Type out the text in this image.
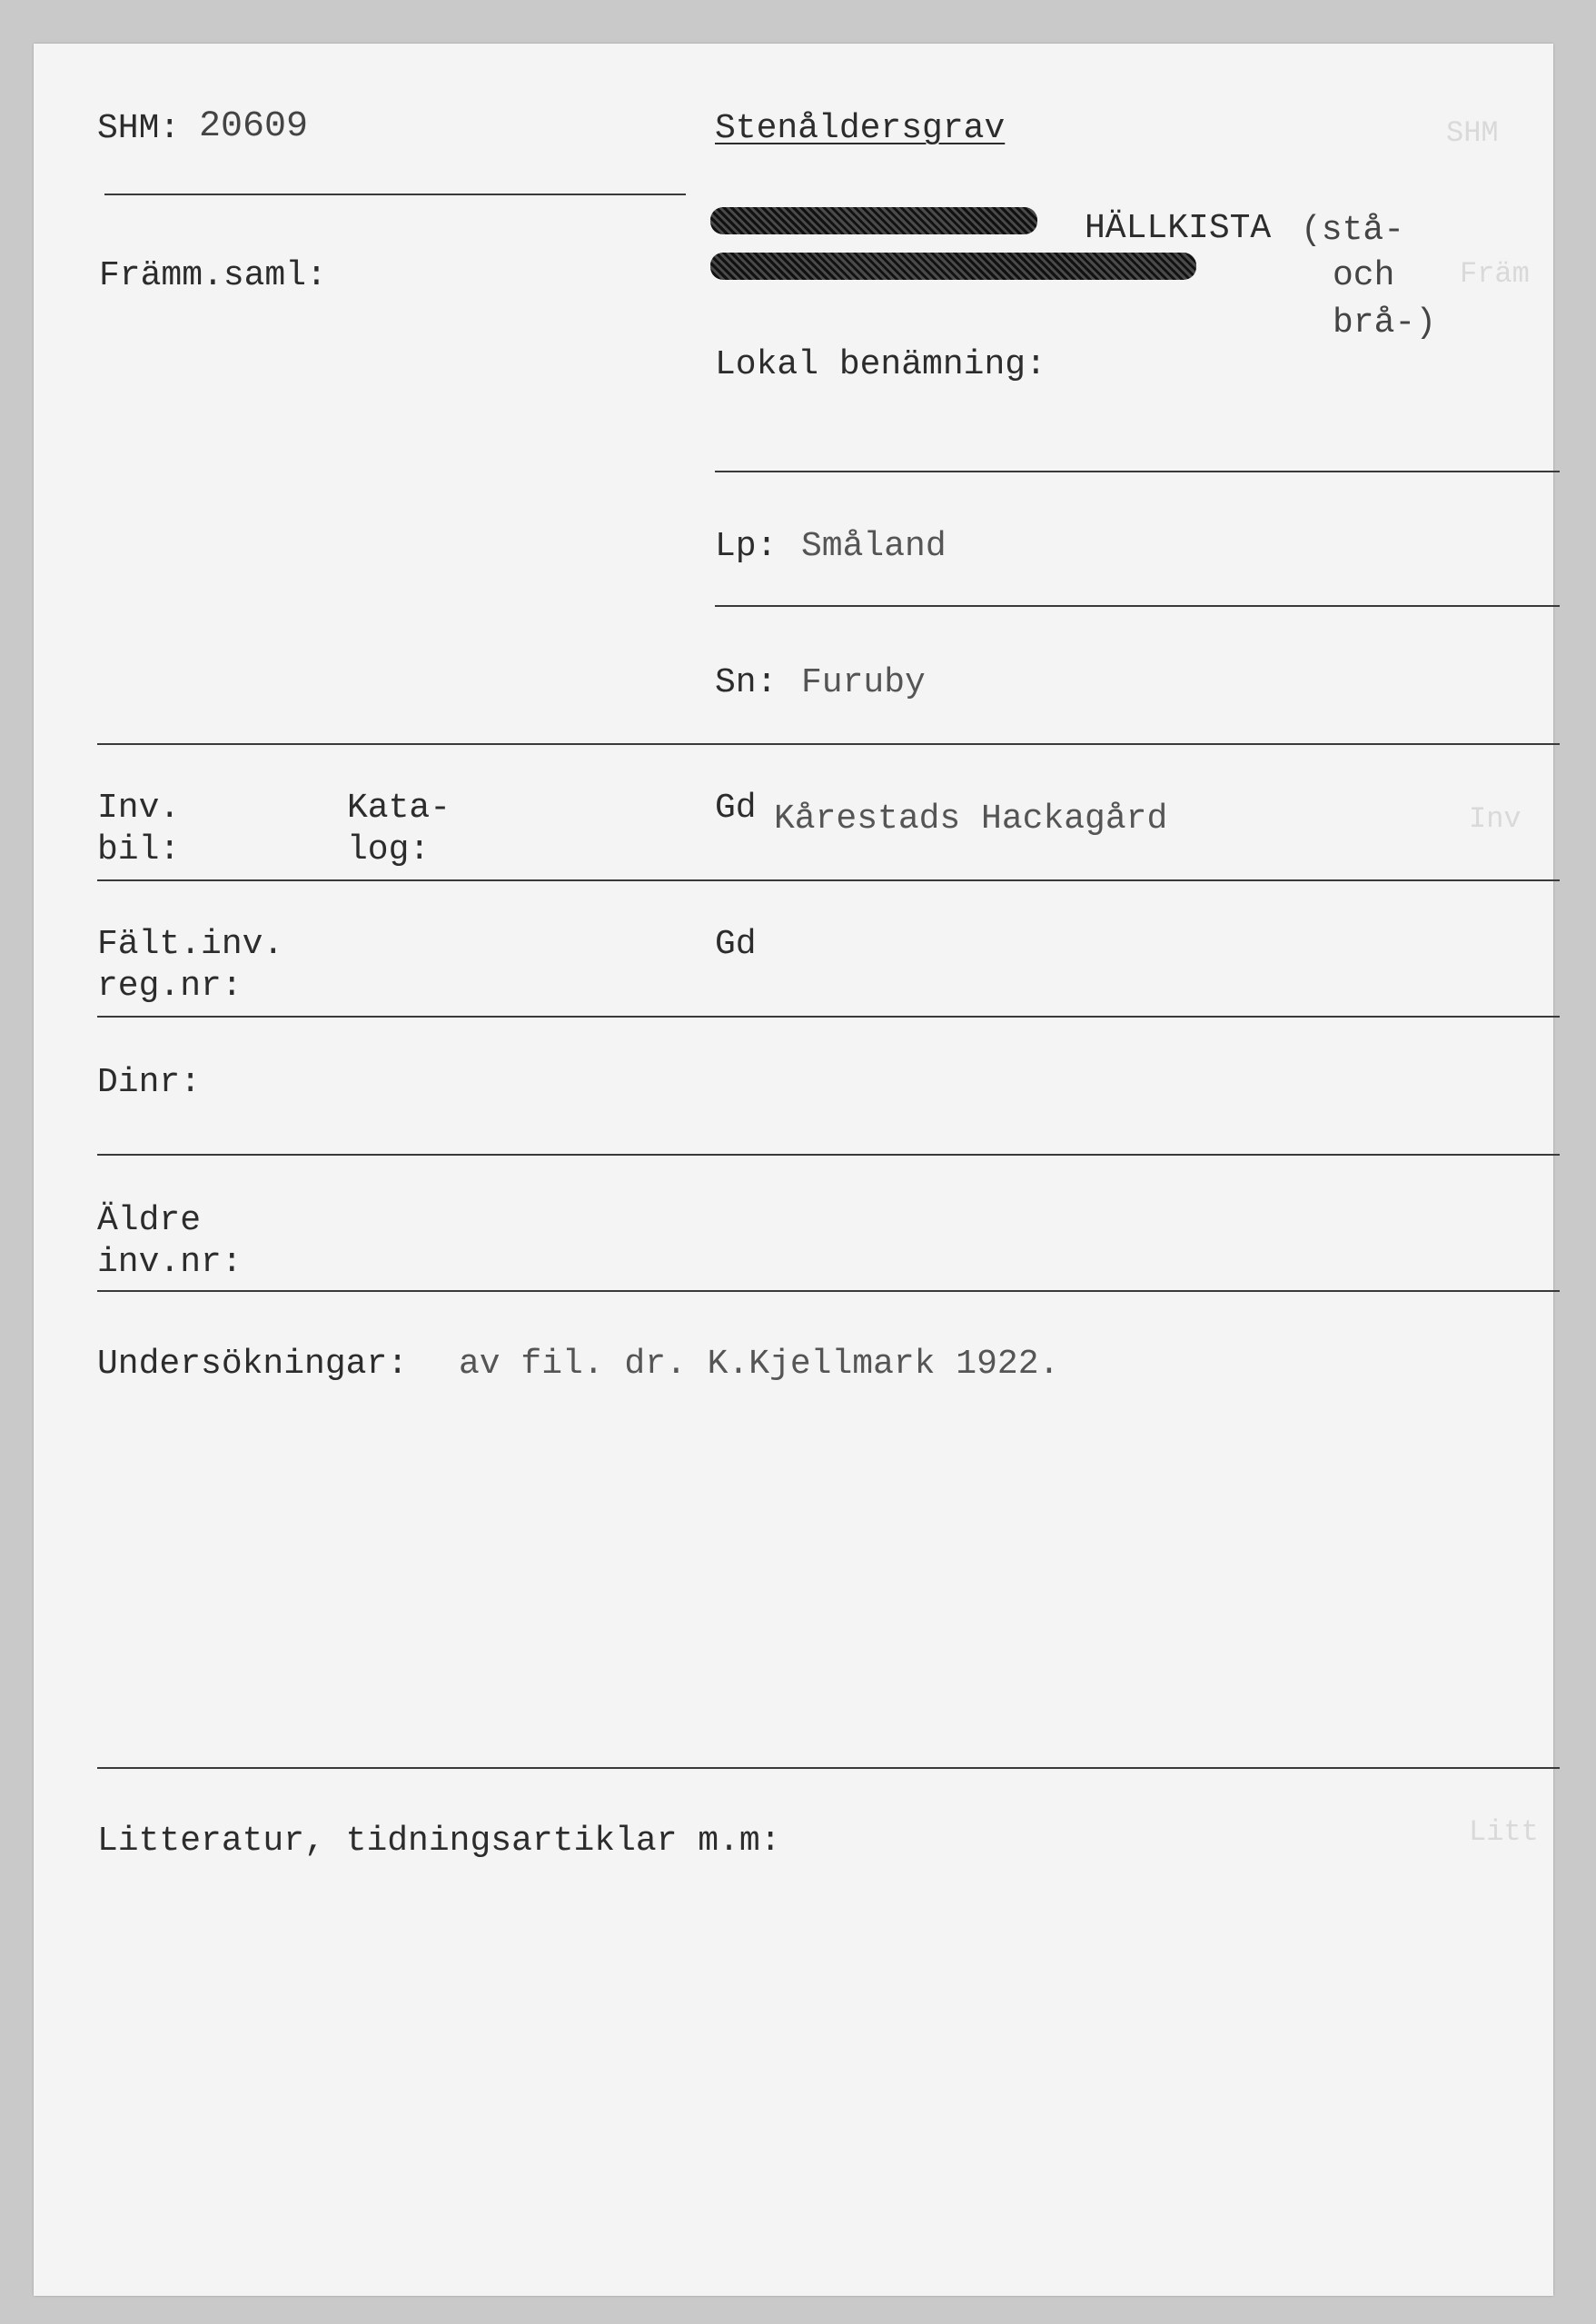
SHM
Främ
Inv
Litt
SHM: 20609	Stenåldersgrav
HÄLLKISTA (stå-
och
brå-)
Främm.saml:
Lokal benämning:
Lp: Småland
Sn: Furuby
Inv.
bil:
Kata-
log:
Gd Kårestads Hackagård
Fält.inv.
reg.nr:
Gd
Dinr:
Äldre
inv.nr:
Undersökningar: av fil. dr. K.Kjellmark 1922.
Litteratur, tidningsartiklar m.m:
